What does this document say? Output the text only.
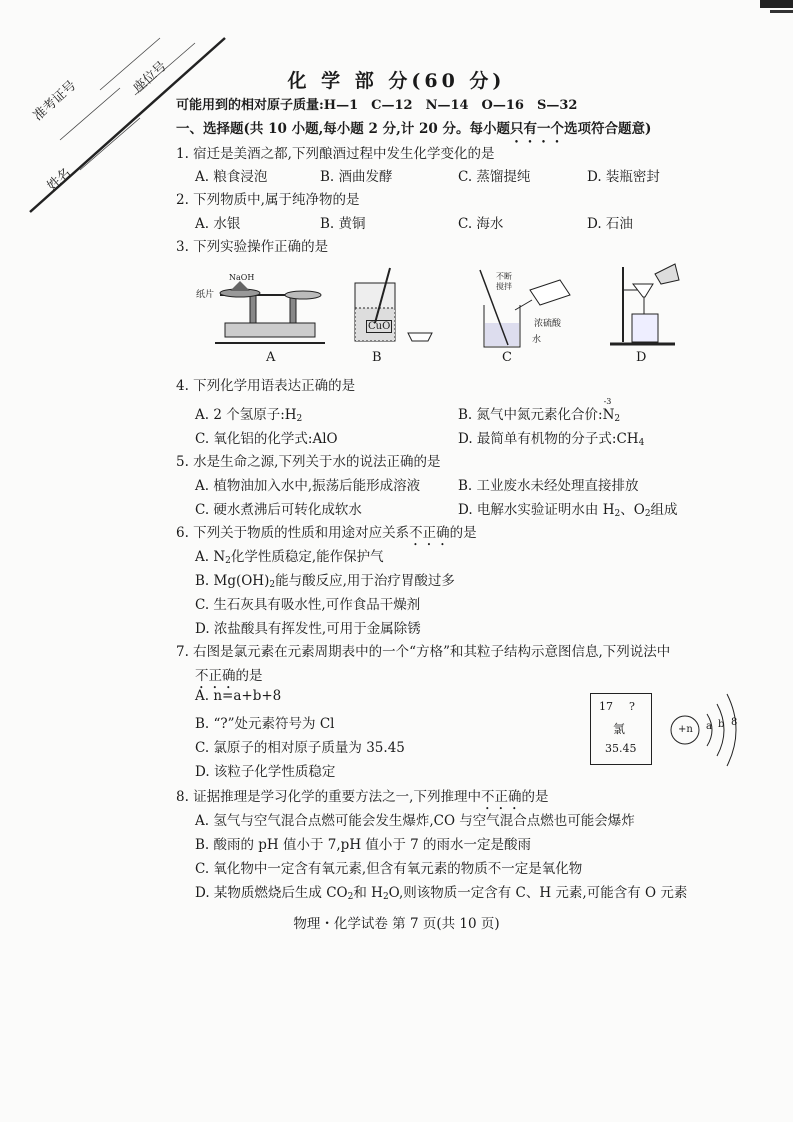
准考证号
座位号
姓名
化 学 部 分(60 分)
可能用到的相对原子质量:H—1　C—12　N—14　O—16　S—32
一、选择题(共 10 小题,每小题 2 分,计 20 分。每小题只有一个选项符合题意)
1. 宿迁是美酒之都,下列酿酒过程中发生化学变化的是
A. 粮食浸泡	B. 酒曲发酵	C. 蒸馏提纯	D. 装瓶密封
2. 下列物质中,属于纯净物的是
A. 水银	B. 黄铜	C. 海水	D. 石油
3. 下列实验操作正确的是
NaOH
纸片
A
CuO
B
不断
搅拌
浓硫酸
水
C	D
4. 下列化学用语表达正确的是
A. 2 个氢原子$:H_2$	B. 氮气中氮元素化合价:
-3
$N_2$
C. 氧化铝的化学式:AlO	D. 最简单有机物的分子式$:CH_4$
5. 水是生命之源,下列关于水的说法正确的是
A. 植物油加入水中,振荡后能形成溶液	B. 工业废水未经处理直接排放
C. 硬水煮沸后可转化成软水	D. 电解水实验证明水由 $H_2$、$O_2$组成
6. 下列关于物质的性质和用途对应关系不正确的是
A. $N_2$化学性质稳定,能作保护气
B. $Mg(OH)_2$能与酸反应,用于治疗胃酸过多
C. 生石灰具有吸水性,可作食品干燥剂
D. 浓盐酸具有挥发性,可用于金属除锈
7. 右图是氯元素在元素周期表中的一个“方格”和其粒子结构示意图信息,下列说法中
不正确的是
A. n=a+b+8
B. “?”处元素符号为 Cl
C. 氯原子的相对原子质量为 35.45
D. 该粒子化学性质稳定
17 ?
氯
35.45
+n a b 8
8. 证据推理是学习化学的重要方法之一,下列推理中不正确的是
A. 氢气与空气混合点燃可能会发生爆炸,CO 与空气混合点燃也可能会爆炸
B. 酸雨的 pH 值小于 7,pH 值小于 7 的雨水一定是酸雨
C. 氧化物中一定含有氧元素,但含有氧元素的物质不一定是氧化物
D. 某物质燃烧后生成 $CO_2$和 $H_2O$,则该物质一定含有 C、H 元素,可能含有 O 元素
物理・化学试卷 第 7 页(共 10 页)
